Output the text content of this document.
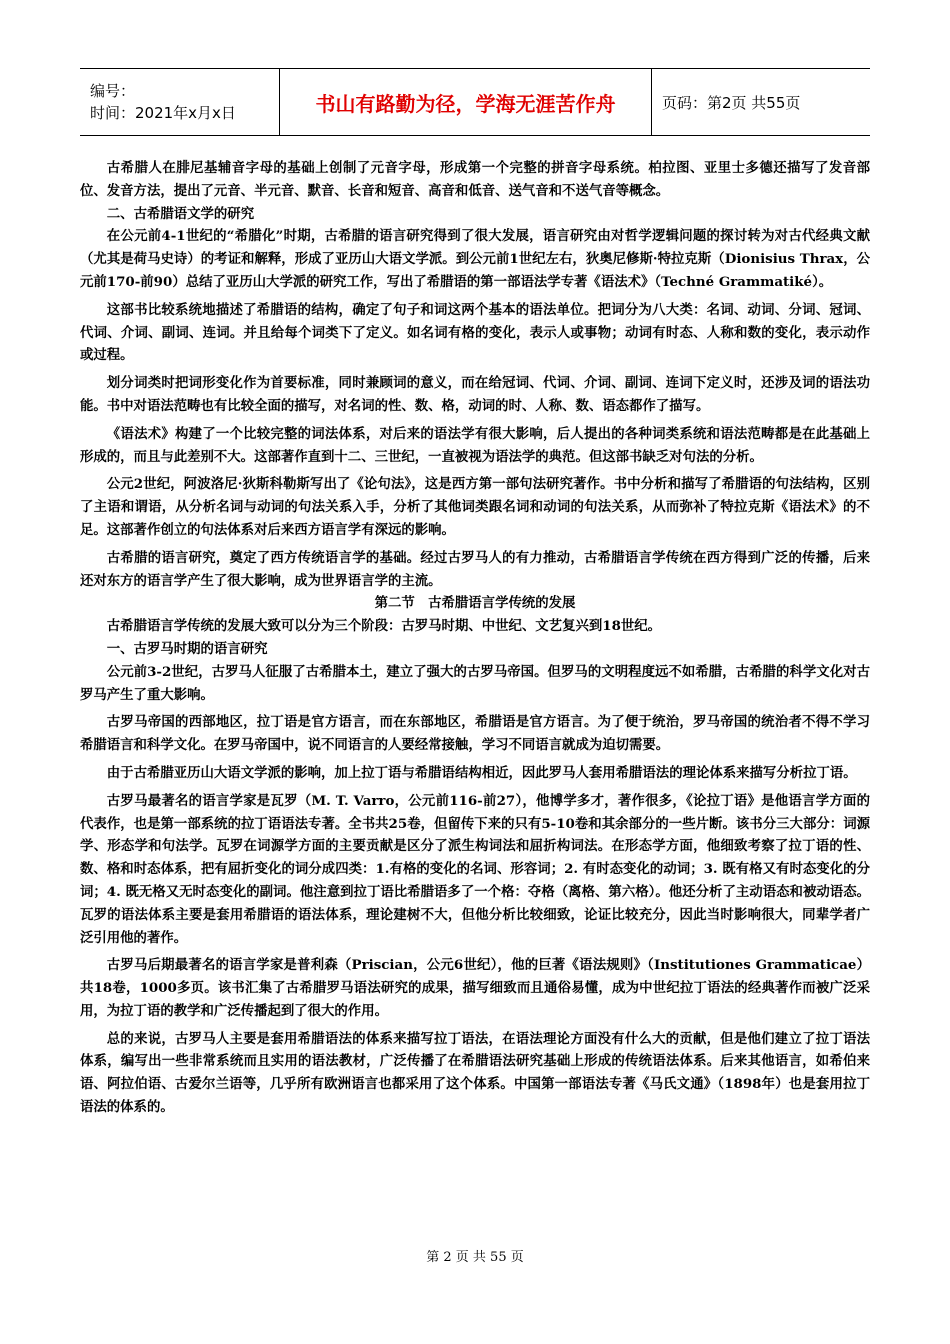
编号：
时间：2021年x月x日	书山有路勤为径，学海无涯苦作舟	页码：第2页 共55页

古希腊人在腓尼基辅音字母的基础上创制了元音字母，形成第一个完整的拼音字母系统。柏拉图、亚里士多德还描写了发音部位、发音方法，提出了元音、半元音、默音、长音和短音、高音和低音、送气音和不送气音等概念。

二、古希腊语文学的研究

在公元前4-1世纪的“希腊化”时期，古希腊的语言研究得到了很大发展，语言研究由对哲学逻辑问题的探讨转为对古代经典文献（尤其是荷马史诗）的考证和解释，形成了亚历山大语文学派。到公元前1世纪左右，狄奥尼修斯·特拉克斯（Dionisius Thrax，公元前170-前90）总结了亚历山大学派的研究工作，写出了希腊语的第一部语法学专著《语法术》（Techné Grammatiké）。

这部书比较系统地描述了希腊语的结构，确定了句子和词这两个基本的语法单位。把词分为八大类：名词、动词、分词、冠词、代词、介词、副词、连词。并且给每个词类下了定义。如名词有格的变化，表示人或事物；动词有时态、人称和数的变化，表示动作或过程。

划分词类时把词形变化作为首要标准，同时兼顾词的意义，而在给冠词、代词、介词、副词、连词下定义时，还涉及词的语法功能。书中对语法范畴也有比较全面的描写，对名词的性、数、格，动词的时、人称、数、语态都作了描写。

《语法术》构建了一个比较完整的词法体系，对后来的语法学有很大影响，后人提出的各种词类系统和语法范畴都是在此基础上形成的，而且与此差别不大。这部著作直到十二、三世纪，一直被视为语法学的典范。但这部书缺乏对句法的分析。

公元2世纪，阿波洛尼·狄斯科勒斯写出了《论句法》，这是西方第一部句法研究著作。书中分析和描写了希腊语的句法结构，区别了主语和谓语，从分析名词与动词的句法关系入手，分析了其他词类跟名词和动词的句法关系，从而弥补了特拉克斯《语法术》的不足。这部著作创立的句法体系对后来西方语言学有深远的影响。

古希腊的语言研究，奠定了西方传统语言学的基础。经过古罗马人的有力推动，古希腊语言学传统在西方得到广泛的传播，后来还对东方的语言学产生了很大影响，成为世界语言学的主流。

第二节　古希腊语言学传统的发展

古希腊语言学传统的发展大致可以分为三个阶段：古罗马时期、中世纪、文艺复兴到18世纪。

一、古罗马时期的语言研究

公元前3-2世纪，古罗马人征服了古希腊本土，建立了强大的古罗马帝国。但罗马的文明程度远不如希腊，古希腊的科学文化对古罗马产生了重大影响。

古罗马帝国的西部地区，拉丁语是官方语言，而在东部地区，希腊语是官方语言。为了便于统治，罗马帝国的统治者不得不学习希腊语言和科学文化。在罗马帝国中，说不同语言的人要经常接触，学习不同语言就成为迫切需要。

由于古希腊亚历山大语文学派的影响，加上拉丁语与希腊语结构相近，因此罗马人套用希腊语法的理论体系来描写分析拉丁语。

古罗马最著名的语言学家是瓦罗（M. T. Varro，公元前116-前27），他博学多才，著作很多，《论拉丁语》是他语言学方面的代表作，也是第一部系统的拉丁语语法专著。全书共25卷，但留传下来的只有5-10卷和其余部分的一些片断。该书分三大部分：词源学、形态学和句法学。瓦罗在词源学方面的主要贡献是区分了派生构词法和屈折构词法。在形态学方面，他细致考察了拉丁语的性、数、格和时态体系，把有屈折变化的词分成四类：1.有格的变化的名词、形容词；2. 有时态变化的动词；3. 既有格又有时态变化的分词；4. 既无格又无时态变化的副词。他注意到拉丁语比希腊语多了一个格：夺格（离格、第六格）。他还分析了主动语态和被动语态。瓦罗的语法体系主要是套用希腊语的语法体系，理论建树不大，但他分析比较细致，论证比较充分，因此当时影响很大，同辈学者广泛引用他的著作。

古罗马后期最著名的语言学家是普利森（Priscian，公元6世纪），他的巨著《语法规则》（Institutiones Grammaticae）共18卷，1000多页。该书汇集了古希腊罗马语法研究的成果，描写细致而且通俗易懂，成为中世纪拉丁语法的经典著作而被广泛采用，为拉丁语的教学和广泛传播起到了很大的作用。

总的来说，古罗马人主要是套用希腊语法的体系来描写拉丁语法，在语法理论方面没有什么大的贡献，但是他们建立了拉丁语法体系，编写出一些非常系统而且实用的语法教材，广泛传播了在希腊语法研究基础上形成的传统语法体系。后来其他语言，如希伯来语、阿拉伯语、古爱尔兰语等，几乎所有欧洲语言也都采用了这个体系。中国第一部语法专著《马氏文通》（1898年）也是套用拉丁语法的体系的。

第 2 页 共 55 页
